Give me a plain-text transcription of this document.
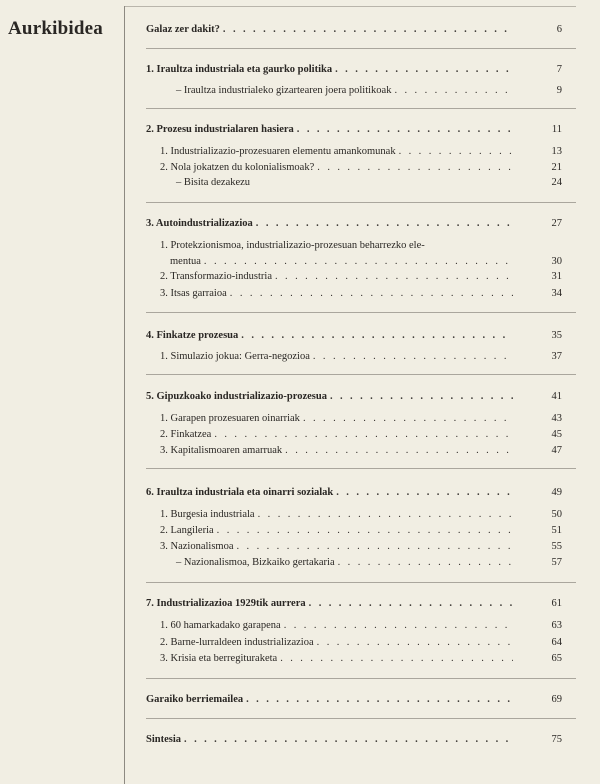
Aurkibidea	Galaz zer dakit? . . .	6
1. Iraultza industriala eta gaurko politika . . .	7
– Iraultza industrialeko gizartearen joera politikoak . . .	9
2. Prozesu industrialaren hasiera . . .	11
1. Industrializazio-prozesuaren elementu amankomunak . . .	13
2. Nola jokatzen du kolonialismoak? . . .	21
– Bisita dezakezu	24
3. Autoindustrializazioa . . .	27
1. Protekzionismoa, industrializazio-prozesuan beharrezko ele-
mentua . . .	30
2. Transformazio-industria . . .	31
3. Itsas garraioa . . .	34
4. Finkatze prozesua . . .	35
1. Simulazio jokua: Gerra-negozioa . . .	37
5. Gipuzkoako industrializazio-prozesua . . .	41
1. Garapen prozesuaren oinarriak . . .	43
2. Finkatzea . . .	45
3. Kapitalismoaren amarruak . . .	47
6. Iraultza industriala eta oinarri sozialak . . .	49
1. Burgesia industriala . . .	50
2. Langileria . . .	51
3. Nazionalismoa . . .	55
– Nazionalismoa, Bizkaiko gertakaria . . .	57
7. Industrializazioa 1929tik aurrera . . .	61
1. 60 hamarkadako garapena . . .	63
2. Barne-lurraldeen industrializazioa . . .	64
3. Krisia eta berregituraketa . . .	65
Garaiko berriemailea . . .	69
Sintesia . . .	75
